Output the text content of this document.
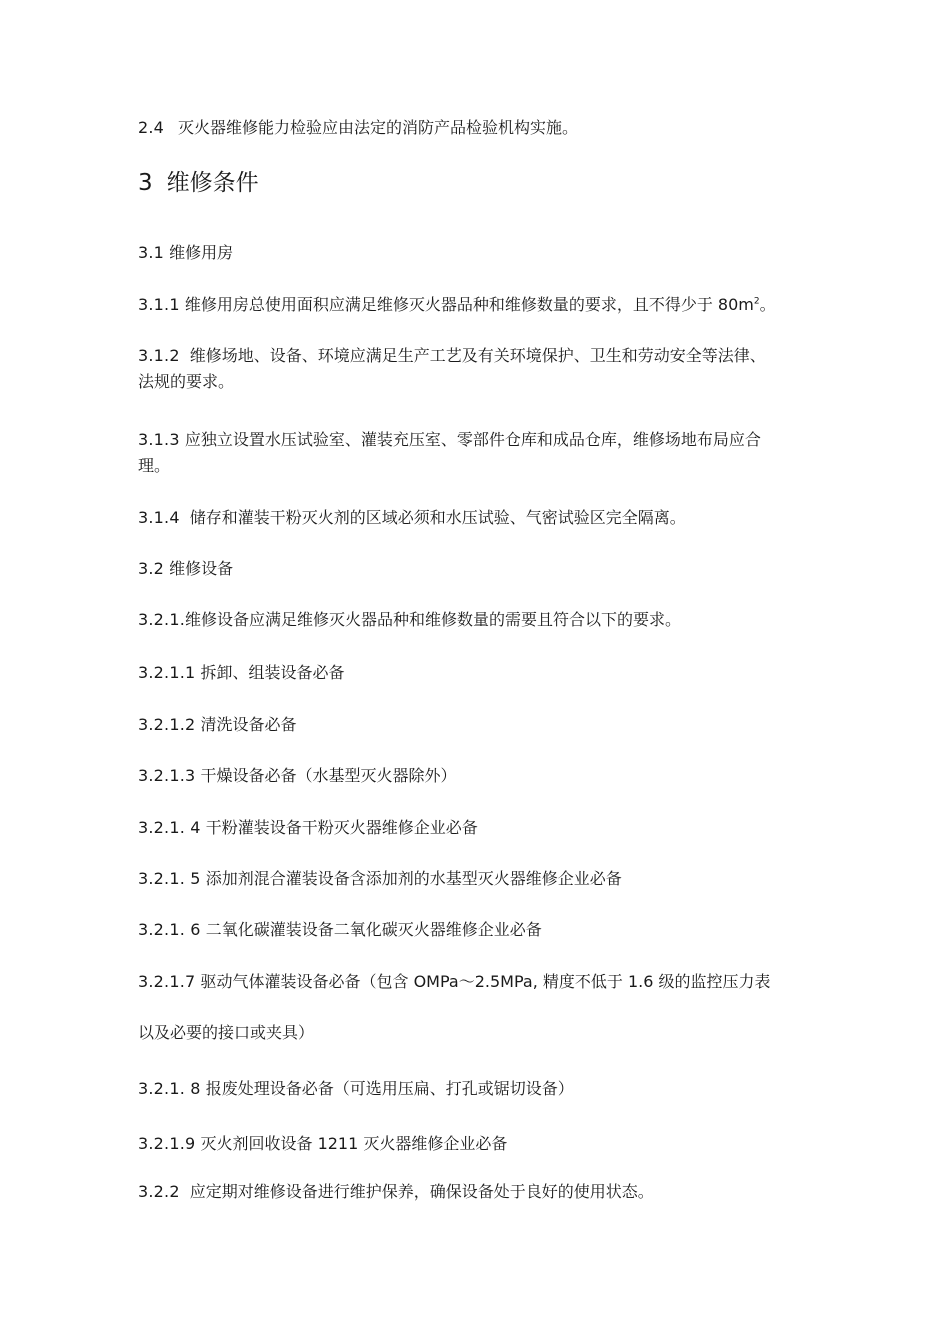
2.4 灭火器维修能力检验应由法定的消防产品检验机构实施。
3 维修条件
3.1 维修用房
3.1.1 维修用房总使用面积应满足维修灭火器品种和维修数量的要求，且不得少于 $80m^2$。
3.1.2 维修场地、设备、环境应满足生产工艺及有关环境保护、卫生和劳动安全等法律、
法规的要求。
3.1.3 应独立设置水压试验室、灌装充压室、零部件仓库和成品仓库，维修场地布局应合
理。
3.1.4 储存和灌装干粉灭火剂的区域必须和水压试验、气密试验区完全隔离。
3.2 维修设备
3.2.1.维修设备应满足维修灭火器品种和维修数量的需要且符合以下的要求。
3.2.1.1 拆卸、组装设备必备
3.2.1.2 清洗设备必备
3.2.1.3 干燥设备必备（水基型灭火器除外）
3.2.1. 4 干粉灌装设备干粉灭火器维修企业必备
3.2.1. 5 添加剂混合灌装设备含添加剂的水基型灭火器维修企业必备
3.2.1. 6 二氧化碳灌装设备二氧化碳灭火器维修企业必备
3.2.1.7 驱动气体灌装设备必备（包含 OMPa〜2.5MPa, 精度不低于 1.6 级的监控压力表
以及必要的接口或夹具）
3.2.1. 8 报废处理设备必备（可选用压扁、打孔或锯切设备）
3.2.1.9 灭火剂回收设备 1211 灭火器维修企业必备
3.2.2 应定期对维修设备进行维护保养，确保设备处于良好的使用状态。
